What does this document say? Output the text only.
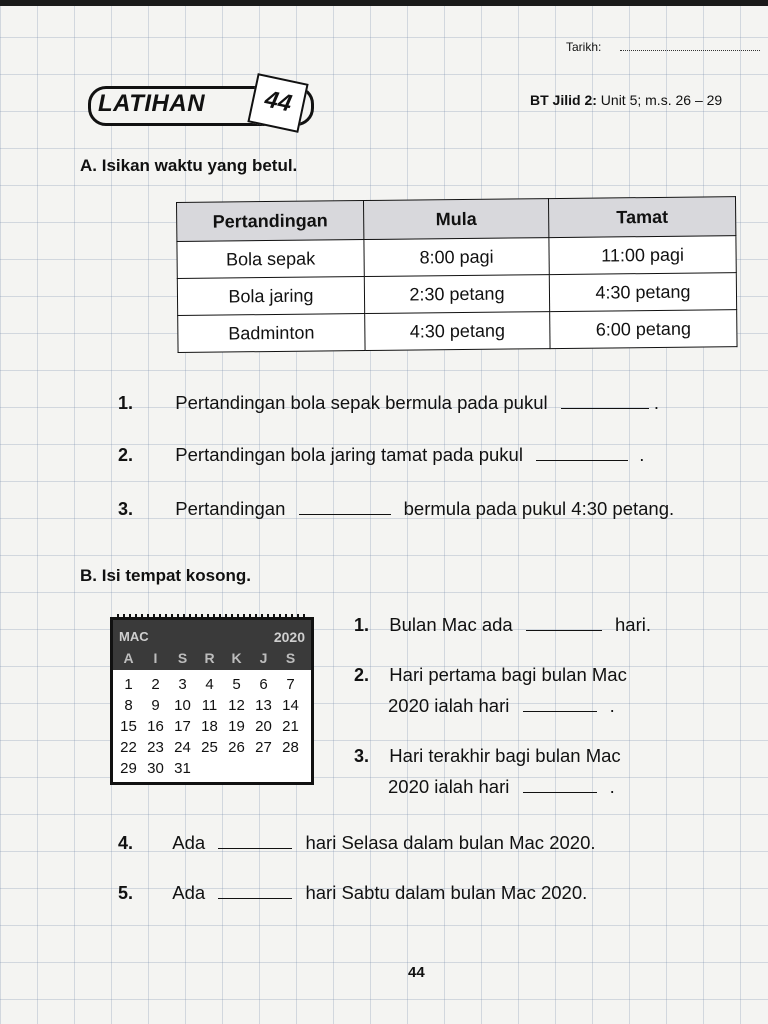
Tarikh:
LATIHAN	44	BT Jilid 2: Unit 5; m.s. 26 – 29
A. Isikan waktu yang betul.
Pertandingan	Mula	Tamat
Bola sepak	8:00 pagi	11:00 pagi
Bola jaring	2:30 petang	4:30 petang
Badminton	4:30 petang	6:00 petang
1. Pertandingan bola sepak bermula pada pukul	.
2. Pertandingan bola jaring tamat pada pukul	.
3. Pertandingan	bermula pada pukul 4:30 petang.
B. Isi tempat kosong.
MAC	2020
A	I	S	R	K	J	S
1	2	3	4	5	6	7
8	9 10 11 12 13 14
15 16 17 18 19 20 21
22 23 24 25 26 27 28
29 30 31
1. Bulan Mac ada	hari.
2. Hari pertama bagi bulan Mac
2020 ialah hari	.
3. Hari terakhir bagi bulan Mac
2020 ialah hari	.
4. Ada	hari Selasa dalam bulan Mac 2020.
5. Ada	hari Sabtu dalam bulan Mac 2020.
44
